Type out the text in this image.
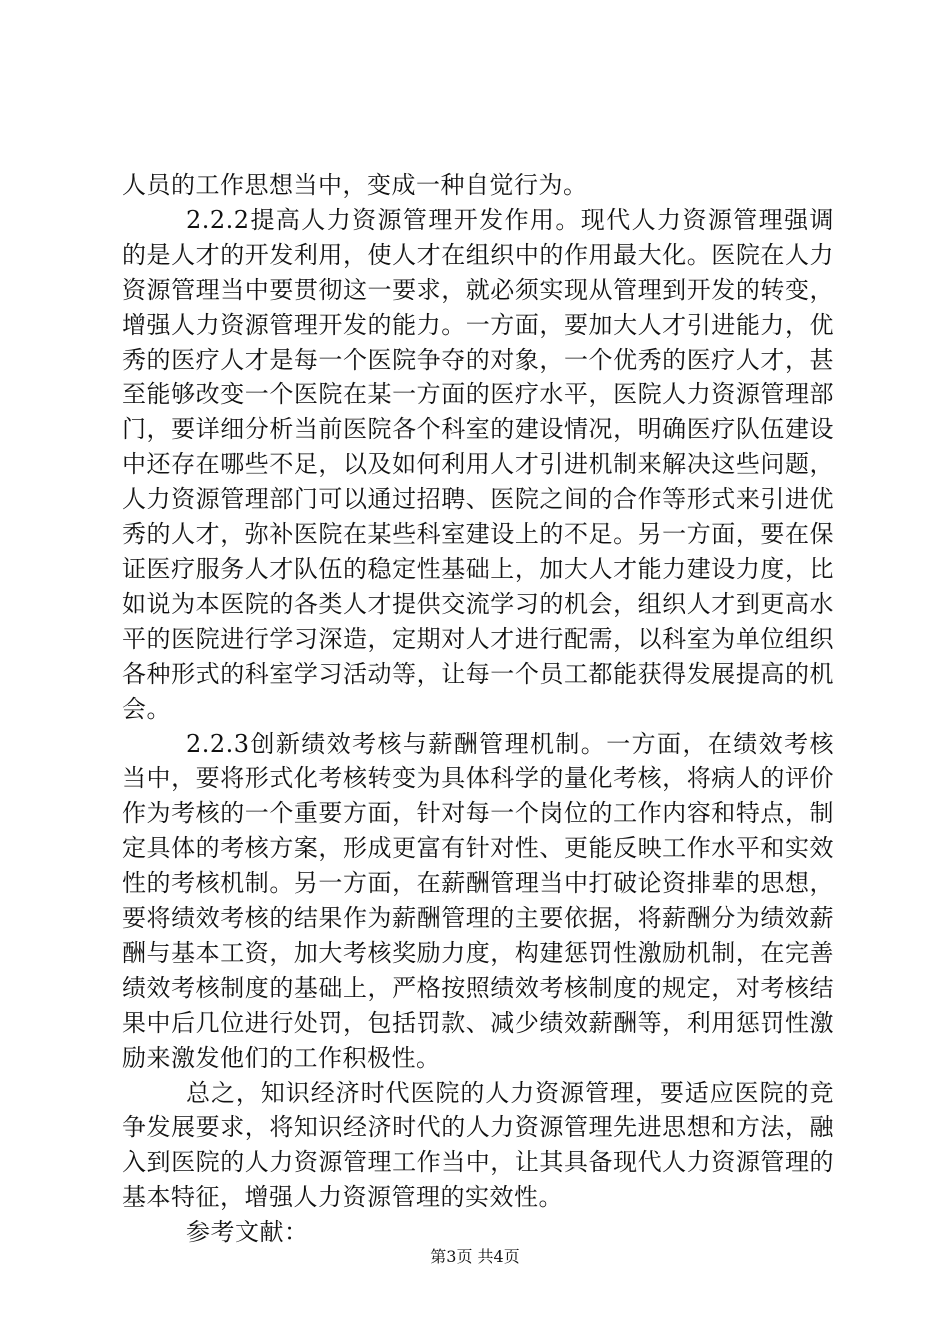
人员的工作思想当中，变成一种自觉行为。

2.2.2提高人力资源管理开发作用。现代人力资源管理强调的是人才的开发利用，使人才在组织中的作用最大化。医院在人力资源管理当中要贯彻这一要求，就必须实现从管理到开发的转变，增强人力资源管理开发的能力。一方面，要加大人才引进能力，优秀的医疗人才是每一个医院争夺的对象，一个优秀的医疗人才，甚至能够改变一个医院在某一方面的医疗水平，医院人力资源管理部门，要详细分析当前医院各个科室的建设情况，明确医疗队伍建设中还存在哪些不足，以及如何利用人才引进机制来解决这些问题，人力资源管理部门可以通过招聘、医院之间的合作等形式来引进优秀的人才，弥补医院在某些科室建设上的不足。另一方面，要在保证医疗服务人才队伍的稳定性基础上，加大人才能力建设力度，比如说为本医院的各类人才提供交流学习的机会，组织人才到更高水平的医院进行学习深造，定期对人才进行配需，以科室为单位组织各种形式的科室学习活动等，让每一个员工都能获得发展提高的机会。

2.2.3创新绩效考核与薪酬管理机制。一方面，在绩效考核当中，要将形式化考核转变为具体科学的量化考核，将病人的评价作为考核的一个重要方面，针对每一个岗位的工作内容和特点，制定具体的考核方案，形成更富有针对性、更能反映工作水平和实效性的考核机制。另一方面，在薪酬管理当中打破论资排辈的思想，要将绩效考核的结果作为薪酬管理的主要依据，将薪酬分为绩效薪酬与基本工资，加大考核奖励力度，构建惩罚性激励机制，在完善绩效考核制度的基础上，严格按照绩效考核制度的规定，对考核结果中后几位进行处罚，包括罚款、减少绩效薪酬等，利用惩罚性激励来激发他们的工作积极性。

总之，知识经济时代医院的人力资源管理，要适应医院的竞争发展要求，将知识经济时代的人力资源管理先进思想和方法，融入到医院的人力资源管理工作当中，让其具备现代人力资源管理的基本特征，增强人力资源管理的实效性。

参考文献：

第3页 共4页
